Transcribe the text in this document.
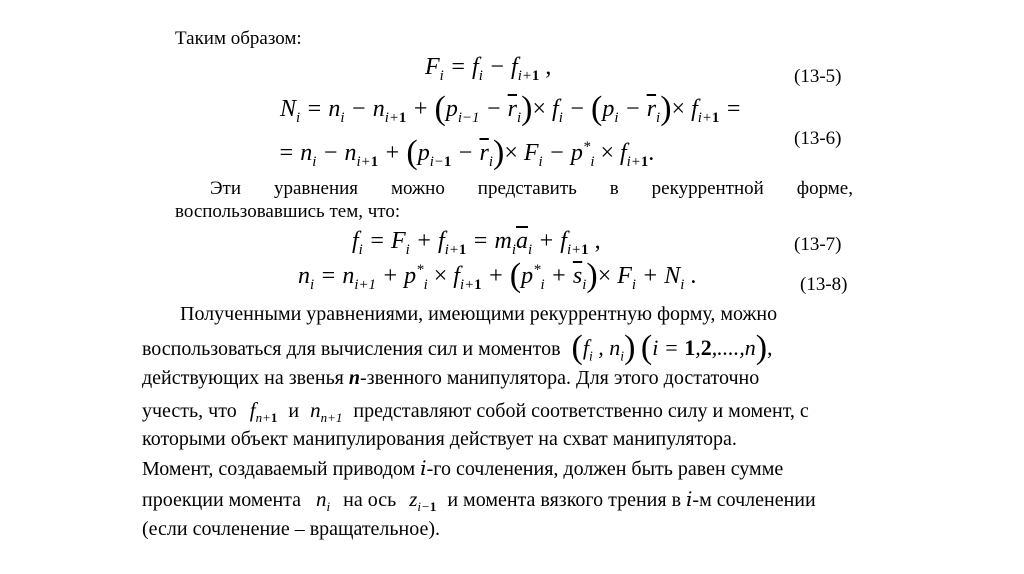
Таким образом:
$F_i = f_i - f_{i+1}$ ,	(13-5)
$N_i = n_i - n_{i+1} + (p_{i-1} - \overline{r}_i)\times f_i - (p_i - \overline{r}_i)\times f_{i+1}$ =
= $n_i - n_{i+1} + (p_{i-1} - \overline{r}_i)\times F_i - p^*_i \times f_{i+1}$.
(13-6)
Эти уравнения можно представить в рекуррентной форме,
воспользовавшись тем, что:
$f_i = F_i + f_{i+1} = m_i\overline{a}_i + f_{i+1}$ ,	(13-7)
$n_i = n_{i+1} + p^*_i \times f_{i+1} + (p^*_i + \overline{s}_i)\times F_i + N_i$ .	(13-8)
Полученными уравнениями, имеющими рекуррентную форму, можно
воспользоваться для вычисления сил и моментов ($f_i$ , $n_i$) (i = 1,2,....,n),
действующих на звенья n-звенного манипулятора. Для этого достаточно
учесть, что $f_{n+1}$ и $n_{n+1}$ представляют собой соответственно силу и момент, с
которыми объект манипулирования действует на схват манипулятора.
Момент, создаваемый приводом i-го сочленения, должен быть равен сумме
проекции момента $n_i$ на ось $z_{i-1}$ и момента вязкого трения в i-м сочленении
(если сочленение – вращательное).
